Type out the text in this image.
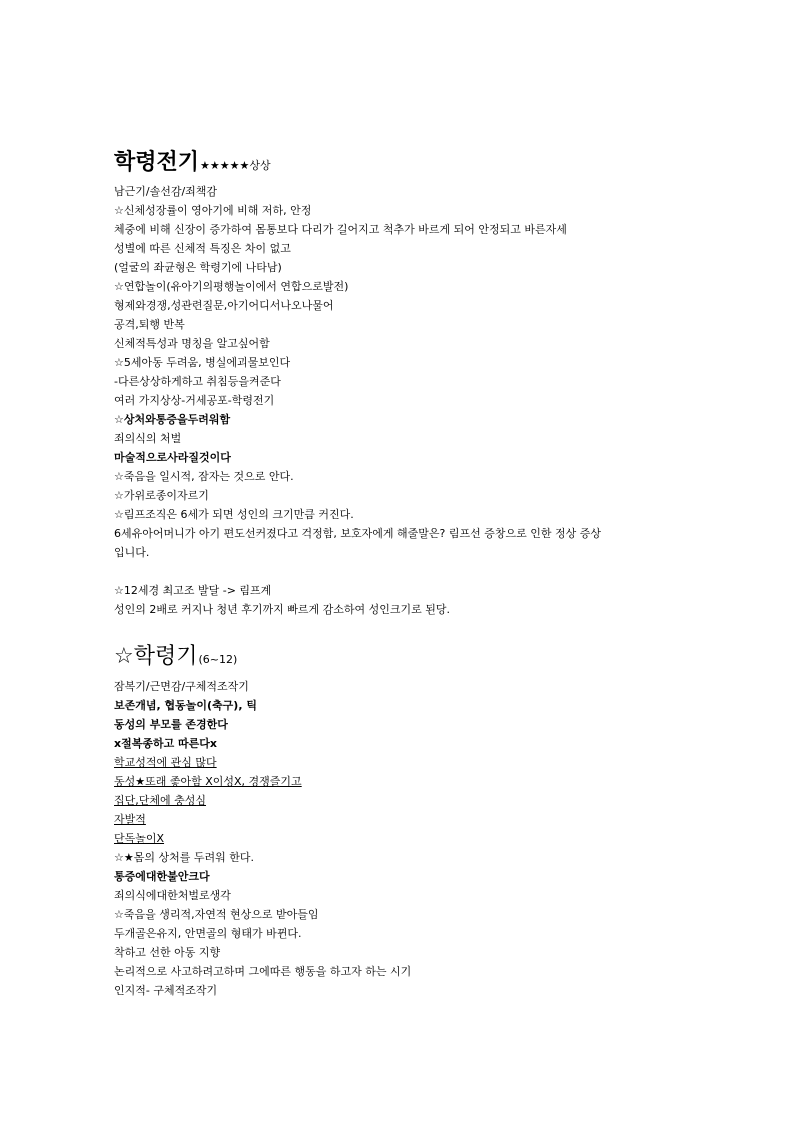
학령전기★★★★★상상
남근기/솔선감/죄책감
☆신체성장률이 영아기에 비해 저하, 안정
체중에 비해 신장이 증가하여 몸통보다 다리가 길어지고 척추가 바르게 되어 안정되고 바른자세
성별에 따른 신체적 특징은 차이 없고
(얼굴의 좌균형은 학령기에 나타남)
☆연합놀이(유아기의평행놀이에서 연합으로발전)
형제와경쟁,성관련질문,아기어디서나오나물어
공격,퇴행 반복
신체적특성과 명칭을 알고싶어함
☆5세아동 두려움, 병실에괴물보인다
-다른상상하게하고 취침등을켜준다
여러 가지상상-거세공포-학령전기
☆상처와통증을두려워함
죄의식의 처벌
마술적으로사라질것이다
☆죽음을 일시적, 잠자는 것으로 안다.
☆가위로종이자르기
☆림프조직은 6세가 되면 성인의 크기만큼 커진다.
6세유아어머니가 아기 편도선커졌다고 걱정함, 보호자에게 해줄말은? 림프선 증창으로 인한 정상 증상
입니다.
☆12세경 최고조 발달 -> 림프계
성인의 2배로 커지나 청년 후기까지 빠르게 감소하여 성인크기로 된당.
☆학령기(6~12)
잠복기/근면감/구체적조작기
보존개념, 협동놀이(축구), 틱
동성의 부모를 존경한다
x절복종하고 따른다x
학교성적에 관심 많다
동성★또래 좋아함 X이성X, 경쟁즐기고
집단,단체에 충성심
자발적
단독놀이X
☆★몸의 상처를 두려워 한다.
통증에대한불안크다
죄의식에대한처벌로생각
☆죽음을 생리적,자연적 현상으로 받아들임
두개골은유지, 안면골의 형태가 바뀐다.
착하고 선한 아동 지향
논리적으로 사고하려고하며 그에따른 행동을 하고자 하는 시기
인지적- 구체적조작기
